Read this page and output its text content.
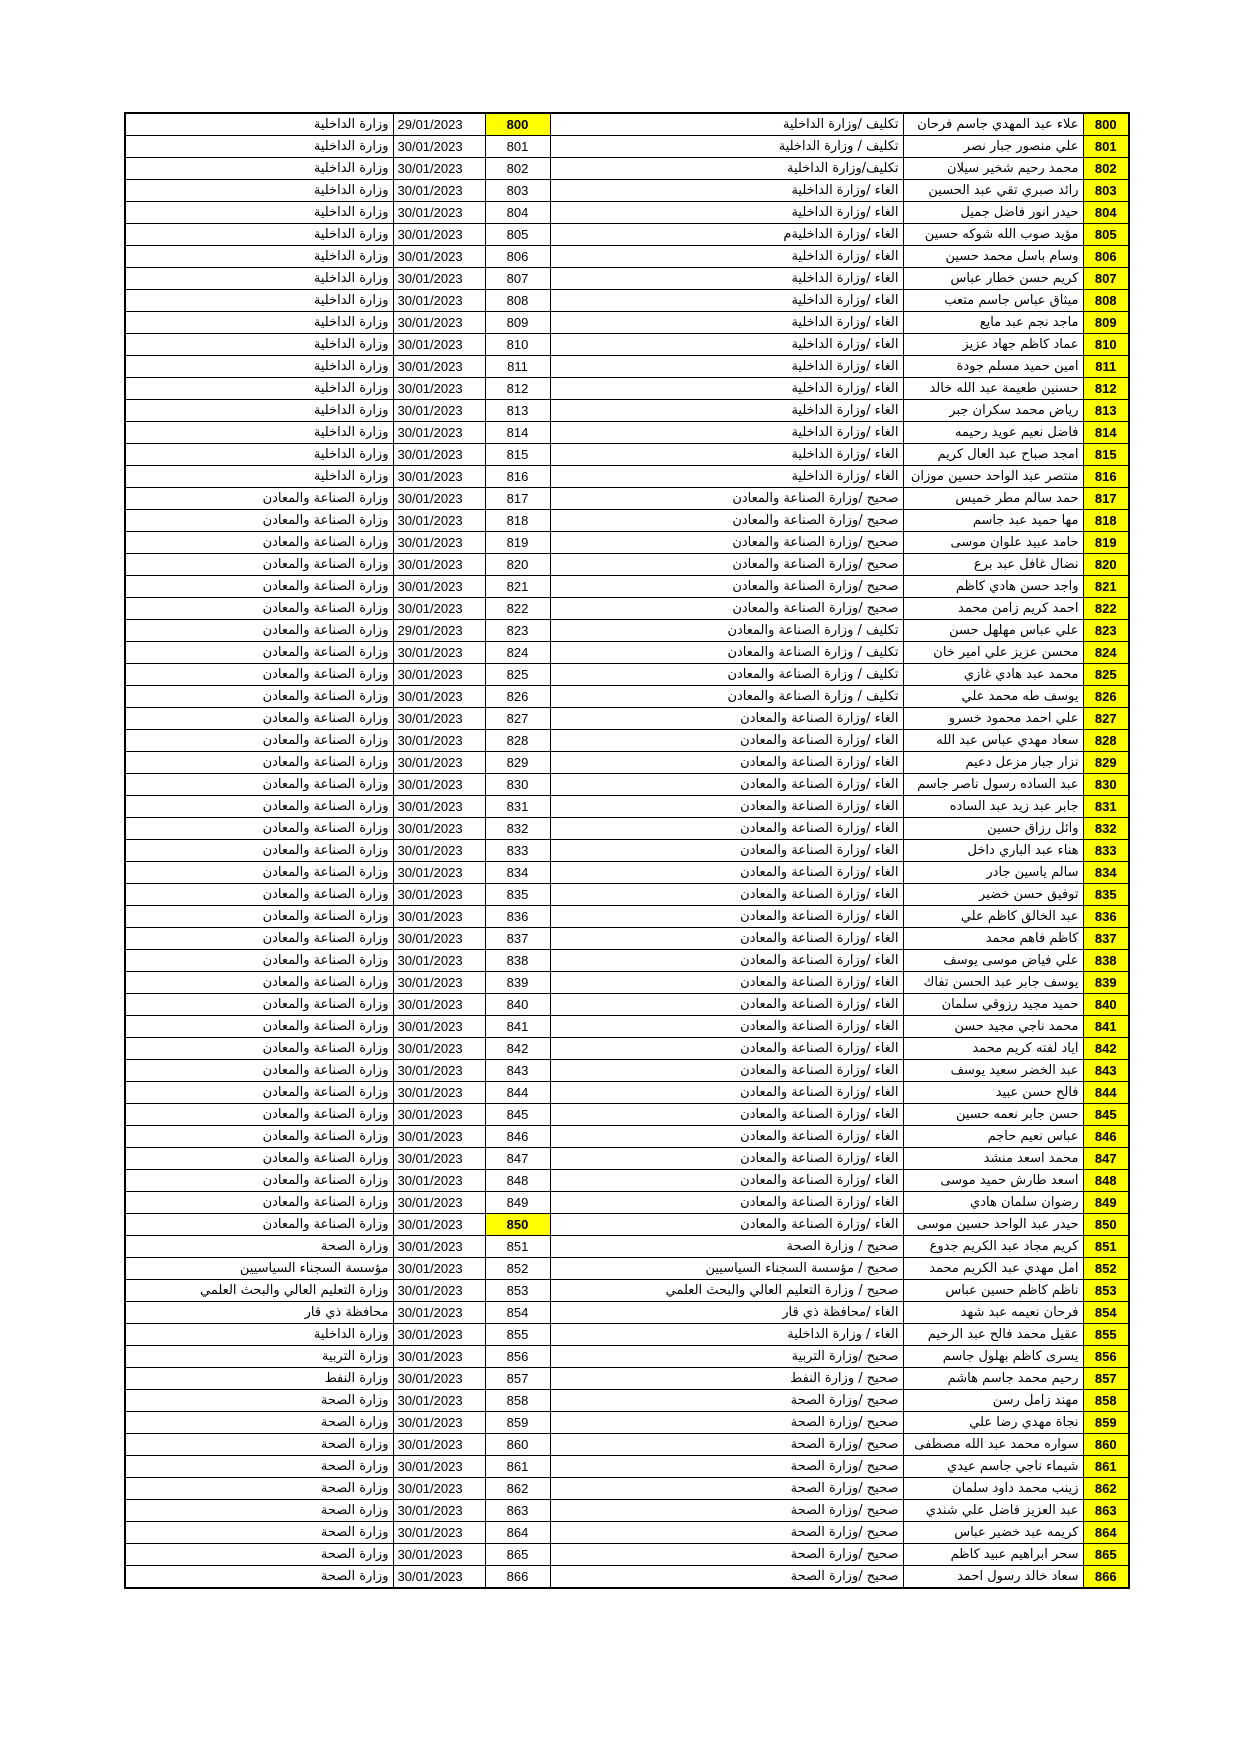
وزارة الداخلية	29/01/2023	800	تكليف /وزارة الداخلية	علاء عبد المهدي جاسم فرحان	800
وزارة الداخلية	30/01/2023	801	تكليف / وزارة الداخلية	علي منصور جبار نصر	801
وزارة الداخلية	30/01/2023	802	تكليف/وزارة الداخلية	محمد رحيم شخير سيلان	802
وزارة الداخلية	30/01/2023	803	الغاء /وزارة الداخلية	رائد صبري تقي عبد الحسين	803
وزارة الداخلية	30/01/2023	804	الغاء /وزارة الداخلية	حيدر انور فاضل جميل	804
وزارة الداخلية	30/01/2023	805	الغاء /وزارة الداخليةم	مؤيد صوب الله شوكه حسين	805
وزارة الداخلية	30/01/2023	806	الغاء /وزارة الداخلية	وسام باسل محمد حسين	806
وزارة الداخلية	30/01/2023	807	الغاء /وزارة الداخلية	كريم حسن خطار عباس	807
وزارة الداخلية	30/01/2023	808	الغاء /وزارة الداخلية	ميثاق عباس جاسم متعب	808
وزارة الداخلية	30/01/2023	809	الغاء /وزارة الداخلية	ماجد نجم عبد مايع	809
وزارة الداخلية	30/01/2023	810	الغاء /وزارة الداخلية	عماد كاظم جهاد عزيز	810
وزارة الداخلية	30/01/2023	811	الغاء /وزارة الداخلية	امين حميد مسلم جودة	811
وزارة الداخلية	30/01/2023	812	الغاء /وزارة الداخلية	حسنين طعيمة عبد الله خالد	812
وزارة الداخلية	30/01/2023	813	الغاء /وزارة الداخلية	رياض محمد سكران جبر	813
وزارة الداخلية	30/01/2023	814	الغاء /وزارة الداخلية	فاضل نعيم عويد رحيمه	814
وزارة الداخلية	30/01/2023	815	الغاء /وزارة الداخلية	امجد صباح عبد العال كريم	815
وزارة الداخلية	30/01/2023	816	الغاء /وزارة الداخلية	منتصر عبد الواحد حسين موزان	816
وزارة الصناعة والمعادن	30/01/2023	817	صحيح /وزارة الصناعة والمعادن	حمد سالم مطر خميس	817
وزارة الصناعة والمعادن	30/01/2023	818	صحيح /وزارة الصناعة والمعادن	مها حميد عبد جاسم	818
وزارة الصناعة والمعادن	30/01/2023	819	صحيح /وزارة الصناعة والمعادن	حامد عبيد علوان موسى	819
وزارة الصناعة والمعادن	30/01/2023	820	صحيح /وزارة الصناعة والمعادن	نضال غافل عبد برع	820
وزارة الصناعة والمعادن	30/01/2023	821	صحيح /وزارة الصناعة والمعادن	واجد حسن هادي كاظم	821
وزارة الصناعة والمعادن	30/01/2023	822	صحيح /وزارة الصناعة والمعادن	احمد كريم زامن محمد	822
وزارة الصناعة والمعادن	29/01/2023	823	تكليف / وزارة الصناعة والمعادن	علي عباس مهلهل حسن	823
وزارة الصناعة والمعادن	30/01/2023	824	تكليف / وزارة الصناعة والمعادن	محسن عزيز علي امير خان	824
وزارة الصناعة والمعادن	30/01/2023	825	تكليف / وزارة الصناعة والمعادن	محمد عبد هادي غازي	825
وزارة الصناعة والمعادن	30/01/2023	826	تكليف / وزارة الصناعة والمعادن	يوسف طه محمد علي	826
وزارة الصناعة والمعادن	30/01/2023	827	الغاء /وزارة الصناعة والمعادن	علي احمد محمود خسرو	827
وزارة الصناعة والمعادن	30/01/2023	828	الغاء /وزارة الصناعة والمعادن	سعاد مهدي عباس عبد الله	828
وزارة الصناعة والمعادن	30/01/2023	829	الغاء /وزارة الصناعة والمعادن	نزار جبار مزعل دعيم	829
وزارة الصناعة والمعادن	30/01/2023	830	الغاء /وزارة الصناعة والمعادن	عبد الساده رسول ناصر جاسم	830
وزارة الصناعة والمعادن	30/01/2023	831	الغاء /وزارة الصناعة والمعادن	جابر عبد زيد عبد الساده	831
وزارة الصناعة والمعادن	30/01/2023	832	الغاء /وزارة الصناعة والمعادن	وائل رزاق حسين	832
وزارة الصناعة والمعادن	30/01/2023	833	الغاء /وزارة الصناعة والمعادن	هناء عبد الباري داخل	833
وزارة الصناعة والمعادن	30/01/2023	834	الغاء /وزارة الصناعة والمعادن	سالم ياسين جادر	834
وزارة الصناعة والمعادن	30/01/2023	835	الغاء /وزارة الصناعة والمعادن	توفيق حسن خضير	835
وزارة الصناعة والمعادن	30/01/2023	836	الغاء /وزارة الصناعة والمعادن	عبد الخالق كاظم علي	836
وزارة الصناعة والمعادن	30/01/2023	837	الغاء /وزارة الصناعة والمعادن	كاظم فاهم محمد	837
وزارة الصناعة والمعادن	30/01/2023	838	الغاء /وزارة الصناعة والمعادن	علي فياض موسى يوسف	838
وزارة الصناعة والمعادن	30/01/2023	839	الغاء /وزارة الصناعة والمعادن	يوسف جابر عبد الحسن تفاك	839
وزارة الصناعة والمعادن	30/01/2023	840	الغاء /وزارة الصناعة والمعادن	حميد مجيد رزوقي سلمان	840
وزارة الصناعة والمعادن	30/01/2023	841	الغاء /وزارة الصناعة والمعادن	محمد ناجي مجيد حسن	841
وزارة الصناعة والمعادن	30/01/2023	842	الغاء /وزارة الصناعة والمعادن	اياد لفته كريم محمد	842
وزارة الصناعة والمعادن	30/01/2023	843	الغاء /وزارة الصناعة والمعادن	عبد الخضر سعيد يوسف	843
وزارة الصناعة والمعادن	30/01/2023	844	الغاء /وزارة الصناعة والمعادن	فالح حسن عبيد	844
وزارة الصناعة والمعادن	30/01/2023	845	الغاء /وزارة الصناعة والمعادن	حسن جابر نعمه حسين	845
وزارة الصناعة والمعادن	30/01/2023	846	الغاء /وزارة الصناعة والمعادن	عباس نعيم حاجم	846
وزارة الصناعة والمعادن	30/01/2023	847	الغاء /وزارة الصناعة والمعادن	محمد اسعد منشد	847
وزارة الصناعة والمعادن	30/01/2023	848	الغاء /وزارة الصناعة والمعادن	اسعد طارش حميد موسى	848
وزارة الصناعة والمعادن	30/01/2023	849	الغاء /وزارة الصناعة والمعادن	رضوان سلمان هادي	849
وزارة الصناعة والمعادن	30/01/2023	850	الغاء /وزارة الصناعة والمعادن	حيدر عبد الواحد حسين موسى	850
وزارة الصحة	30/01/2023	851	صحيح / وزارة الصحة	كريم مجاد عبد الكريم جدوع	851
مؤسسة السجناء السياسيين	30/01/2023	852	صحيح / مؤسسة السجناء السياسيين	امل مهدي عبد الكريم محمد	852
وزارة التعليم العالي والبحث العلمي	30/01/2023	853	صحيح / وزارة التعليم العالي والبحث العلمي	ناظم كاظم حسين عباس	853
محافظة ذي قار	30/01/2023	854	الغاء /محافظة ذي قار	فرحان نعيمه عبد شهد	854
وزارة الداخلية	30/01/2023	855	الغاء / وزارة الداخلية	عقيل محمد فالح عبد الرحيم	855
وزارة التربية	30/01/2023	856	صحيح /وزارة التربية	يسرى كاظم بهلول جاسم	856
وزارة النفط	30/01/2023	857	صحيح / وزارة النفط	رحيم محمد جاسم هاشم	857
وزارة الصحة	30/01/2023	858	صحيح /وزارة الصحة	مهند زامل رسن	858
وزارة الصحة	30/01/2023	859	صحيح /وزارة الصحة	نجاة مهدي رضا علي	859
وزارة الصحة	30/01/2023	860	صحيح /وزارة الصحة	سواره محمد عبد الله مصطفى	860
وزارة الصحة	30/01/2023	861	صحيح /وزارة الصحة	شيماء ناجي جاسم عيدي	861
وزارة الصحة	30/01/2023	862	صحيح /وزارة الصحة	زينب محمد داود سلمان	862
وزارة الصحة	30/01/2023	863	صحيح /وزارة الصحة	عبد العزيز فاضل علي شندي	863
وزارة الصحة	30/01/2023	864	صحيح /وزارة الصحة	كريمه عبد خضير عباس	864
وزارة الصحة	30/01/2023	865	صحيح /وزارة الصحة	سحر ابراهيم عبيد كاظم	865
وزارة الصحة	30/01/2023	866	صحيح /وزارة الصحة	سعاد خالد رسول احمد	866
